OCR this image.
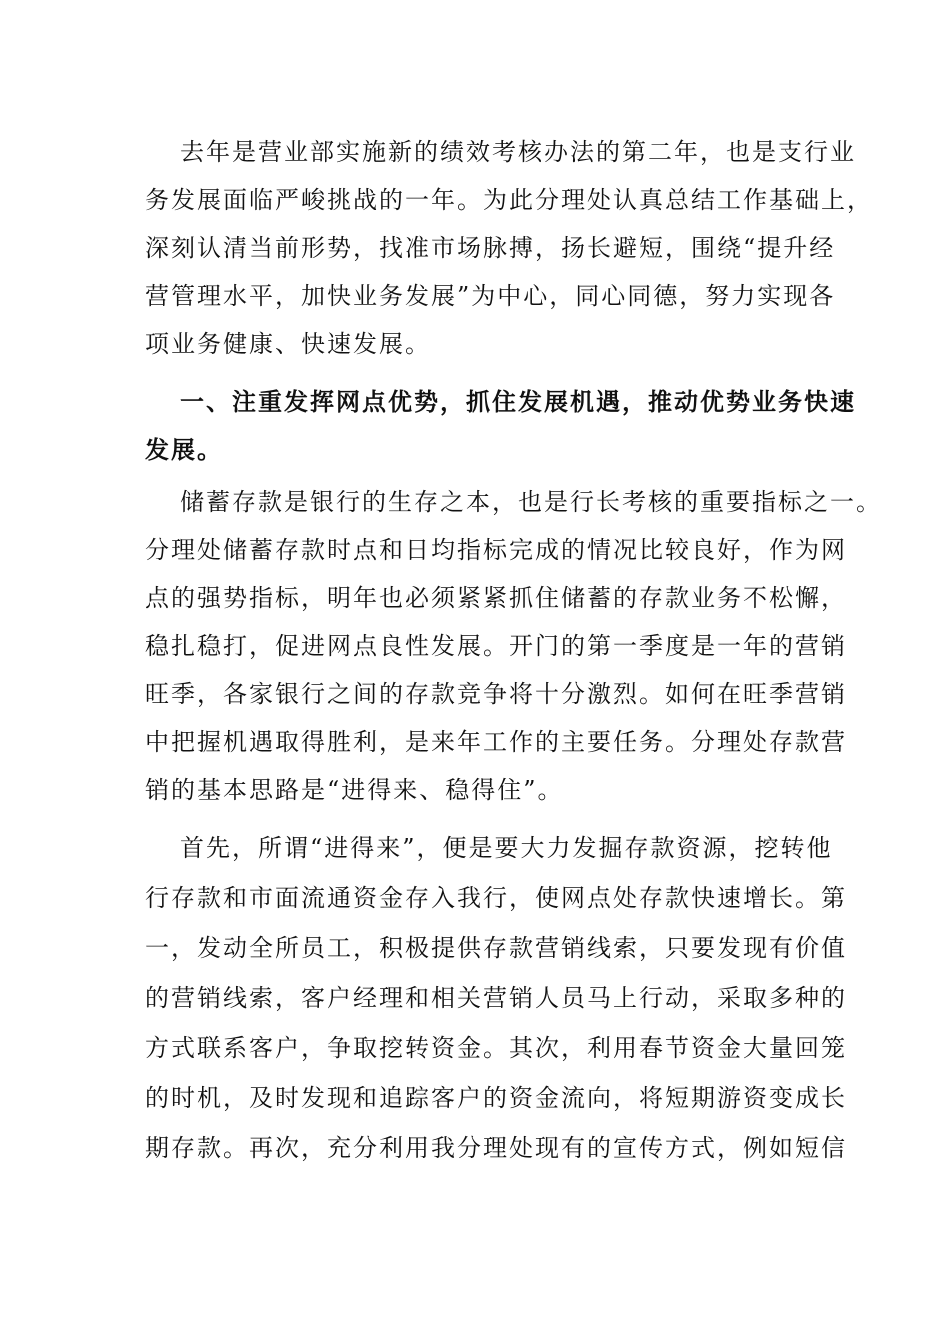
去年是营业部实施新的绩效考核办法的第二年，也是支行业
务发展面临严峻挑战的一年。为此分理处认真总结工作基础上，
深刻认清当前形势，找准市场脉搏，扬长避短，围绕“提升经
营管理水平，加快业务发展”为中心，同心同德，努力实现各
项业务健康、快速发展。
一、注重发挥网点优势，抓住发展机遇，推动优势业务快速
发展。
储蓄存款是银行的生存之本，也是行长考核的重要指标之一。
分理处储蓄存款时点和日均指标完成的情况比较良好，作为网
点的强势指标，明年也必须紧紧抓住储蓄的存款业务不松懈，
稳扎稳打，促进网点良性发展。开门的第一季度是一年的营销
旺季，各家银行之间的存款竞争将十分激烈。如何在旺季营销
中把握机遇取得胜利，是来年工作的主要任务。分理处存款营
销的基本思路是“进得来、稳得住”。
首先，所谓“进得来”，便是要大力发掘存款资源，挖转他
行存款和市面流通资金存入我行，使网点处存款快速增长。第
一，发动全所员工，积极提供存款营销线索，只要发现有价值
的营销线索，客户经理和相关营销人员马上行动，采取多种的
方式联系客户，争取挖转资金。其次，利用春节资金大量回笼
的时机，及时发现和追踪客户的资金流向，将短期游资变成长
期存款。再次，充分利用我分理处现有的宣传方式，例如短信
